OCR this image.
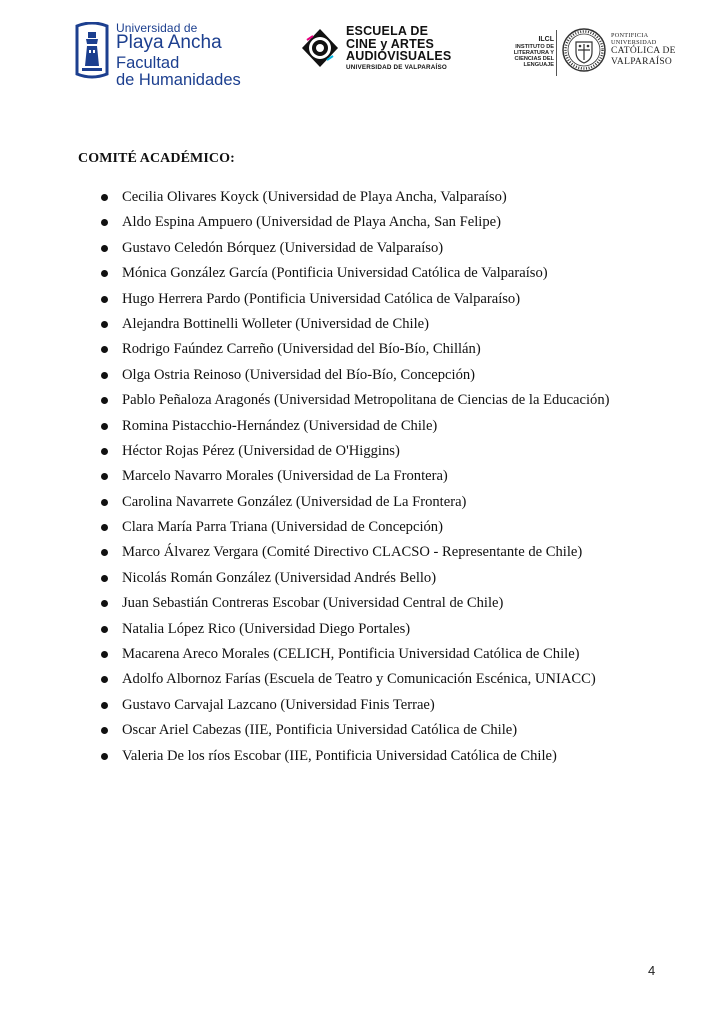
Universidad de
Playa Ancha
Facultad
de Humanidades
ESCUELA DE
CINE y ARTES
AUDIOVISUALES
UNIVERSIDAD DE VALPARAÍSO
ILCL
INSTITUTO DE
LITERATURA Y
CIENCIAS DEL
LENGUAJE
PONTIFICIA
UNIVERSIDAD
CATÓLICA DE
VALPARAÍSO
COMITÉ ACADÉMICO:
Cecilia Olivares Koyck (Universidad de Playa Ancha, Valparaíso)
Aldo Espina Ampuero (Universidad de Playa Ancha, San Felipe)
Gustavo Celedón Bórquez (Universidad de Valparaíso)
Mónica González García (Pontificia Universidad Católica de Valparaíso)
Hugo Herrera Pardo (Pontificia Universidad Católica de Valparaíso)
Alejandra Bottinelli Wolleter (Universidad de Chile)
Rodrigo Faúndez Carreño (Universidad del Bío-Bío, Chillán)
Olga Ostria Reinoso (Universidad del Bío-Bío, Concepción)
Pablo Peñaloza Aragonés (Universidad Metropolitana de Ciencias de la Educación)
Romina Pistacchio-Hernández (Universidad de Chile)
Héctor Rojas Pérez (Universidad de O'Higgins)
Marcelo Navarro Morales (Universidad de La Frontera)
Carolina Navarrete González (Universidad de La Frontera)
Clara María Parra Triana (Universidad de Concepción)
Marco Álvarez Vergara (Comité Directivo CLACSO - Representante de Chile)
Nicolás Román González (Universidad Andrés Bello)
Juan Sebastián Contreras Escobar (Universidad Central de Chile)
Natalia López Rico (Universidad Diego Portales)
Macarena Areco Morales (CELICH, Pontificia Universidad Católica de Chile)
Adolfo Albornoz Farías (Escuela de Teatro y Comunicación Escénica, UNIACC)
Gustavo Carvajal Lazcano (Universidad Finis Terrae)
Oscar Ariel Cabezas (IIE, Pontificia Universidad Católica de Chile)
Valeria De los ríos Escobar (IIE, Pontificia Universidad Católica de Chile)
4
